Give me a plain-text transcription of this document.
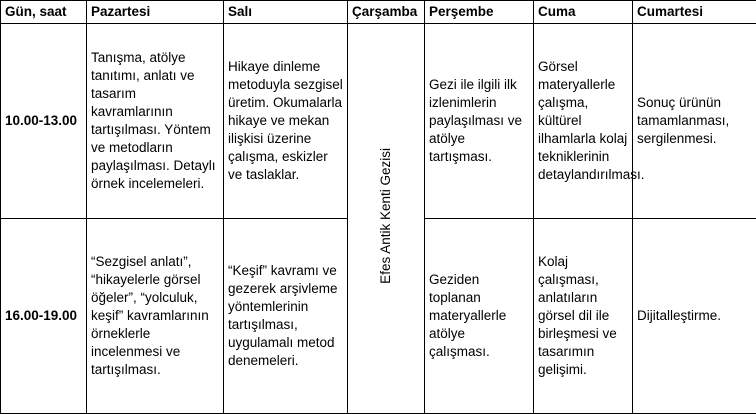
Gün, saat	Pazartesi	Salı	Çarşamba	Perşembe	Cuma	Cumartesi
10.00-13.00	Tanışma, atölye tanıtımı, anlatı ve tasarım kavramlarının tartışılması. Yöntem ve metodların paylaşılması. Detaylı örnek incelemeleri.	Hikaye dinleme metoduyla sezgisel üretim. Okumalarla hikaye ve mekan ilişkisi üzerine çalışma, eskizler ve taslaklar.	Efes Antik Kenti Gezisi	Gezi ile ilgili ilk izlenimlerin paylaşılması ve atölye tartışması.	Görsel materyallerle çalışma, kültürel ilhamlarla kolaj tekniklerinin detaylandırılması.	Sonuç ürünün tamamlanması, sergilenmesi.
16.00-19.00	“Sezgisel anlatı”, “hikayelerle görsel öğeler”, “yolculuk, keşif” kavramlarının örneklerle incelenmesi ve tartışılması.	“Keşif” kavramı ve gezerek arşivleme yöntemlerinin tartışılması, uygulamalı metod denemeleri.		Geziden toplanan materyallerle atölye çalışması.	Kolaj çalışması, anlatıların görsel dil ile birleşmesi ve tasarımın gelişimi.	Dijitalleştirme.
